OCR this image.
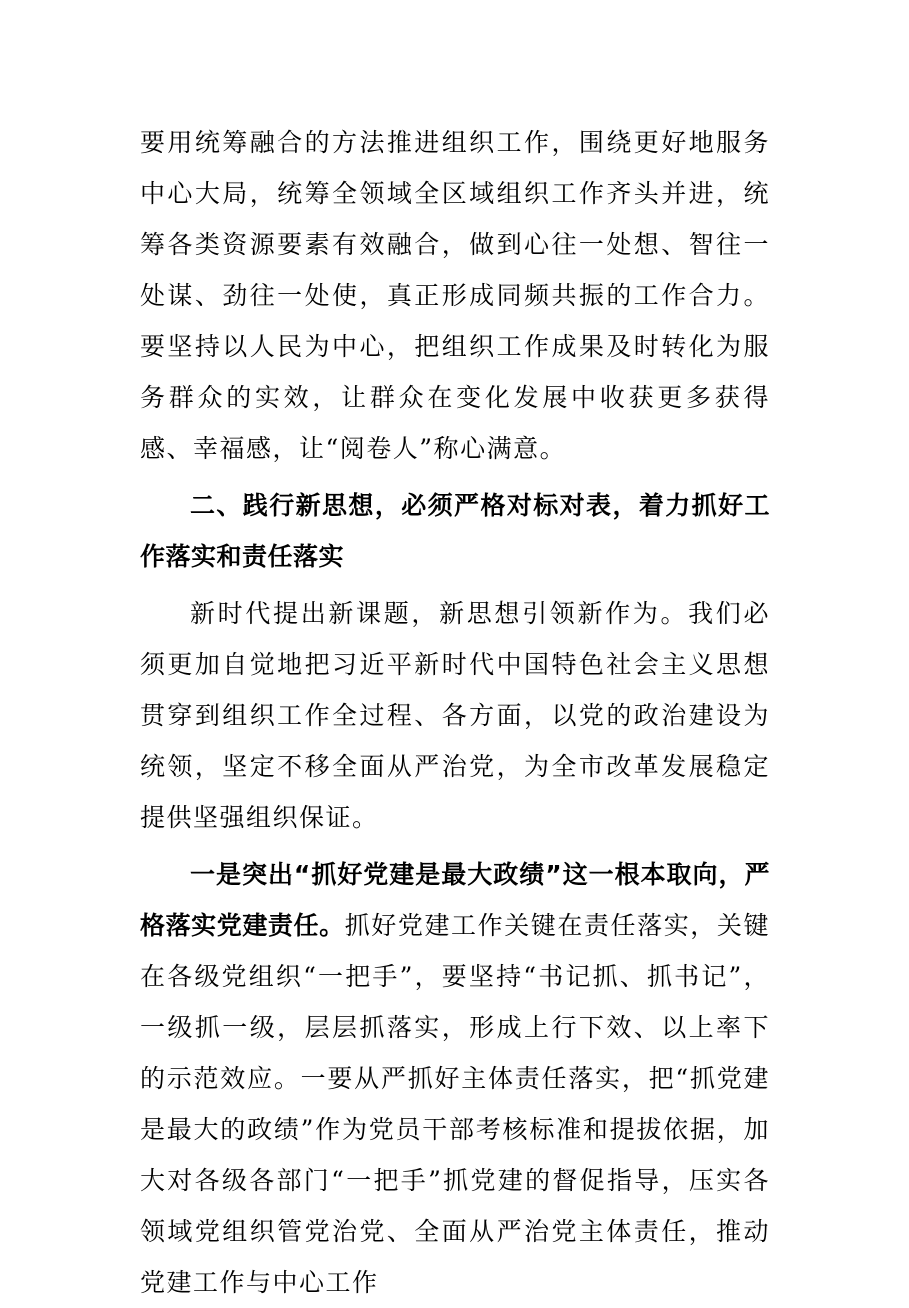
要用统筹融合的方法推进组织工作，围绕更好地服务中心大局，统筹全领域全区域组织工作齐头并进，统筹各类资源要素有效融合，做到心往一处想、智往一处谋、劲往一处使，真正形成同频共振的工作合力。要坚持以人民为中心，把组织工作成果及时转化为服务群众的实效，让群众在变化发展中收获更多获得感、幸福感，让“阅卷人”称心满意。

二、践行新思想，必须严格对标对表，着力抓好工作落实和责任落实

新时代提出新课题，新思想引领新作为。我们必须更加自觉地把习近平新时代中国特色社会主义思想贯穿到组织工作全过程、各方面，以党的政治建设为统领，坚定不移全面从严治党，为全市改革发展稳定提供坚强组织保证。

一是突出“抓好党建是最大政绩”这一根本取向，严格落实党建责任。抓好党建工作关键在责任落实，关键在各级党组织“一把手”，要坚持“书记抓、抓书记”，一级抓一级，层层抓落实，形成上行下效、以上率下的示范效应。一要从严抓好主体责任落实，把“抓党建是最大的政绩”作为党员干部考核标准和提拔依据，加大对各级各部门“一把手”抓党建的督促指导，压实各领域党组织管党治党、全面从严治党主体责任，推动党建工作与中心工作
